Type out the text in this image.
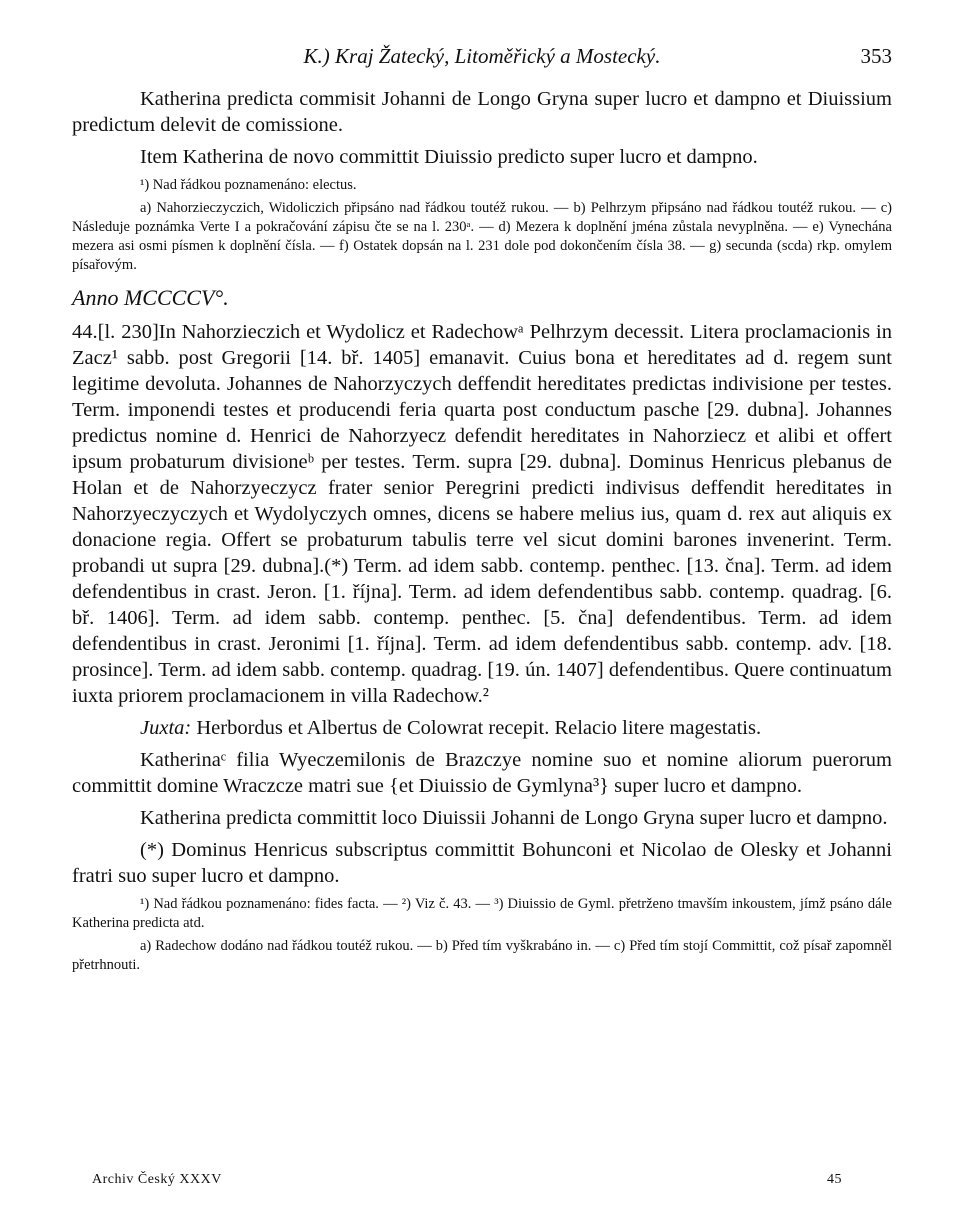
K.) Kraj Žatecký, Litoměřický a Mostecký.	353

Katherina predicta commisit Johanni de Longo Gryna super lucro et dampno et Diuissium predictum delevit de comissione.

Item Katherina de novo committit Diuissio predicto super lucro et dampno.

¹) Nad řádkou poznamenáno: electus.

a) Nahorzieczyczich, Widoliczich připsáno nad řádkou toutéž rukou. — b) Pelhrzym připsáno nad řádkou toutéž rukou. — c) Následuje poznámka Verte I a pokračování zápisu čte se na l. 230ᵃ. — d) Mezera k doplnění jména zůstala nevyplněna. — e) Vynechána mezera asi osmi písmen k doplnění čísla. — f) Ostatek dopsán na l. 231 dole pod dokončením čísla 38. — g) secunda (scda) rkp. omylem písařovým.

Anno MCCCCV°.

44.[l. 230]In Nahorzieczich et Wydolicz et Radechowᵃ Pelhrzym decessit. Litera proclamacionis in Zacz¹ sabb. post Gregorii [14. bř. 1405] emanavit. Cuius bona et hereditates ad d. regem sunt legitime devoluta. Johannes de Nahorzyczych deffendit hereditates predictas indivisione per testes. Term. imponendi testes et producendi feria quarta post conductum pasche [29. dubna]. Johannes predictus nomine d. Henrici de Nahorzyecz defendit hereditates in Nahorziecz et alibi et offert ipsum probaturum divisioneᵇ per testes. Term. supra [29. dubna]. Dominus Henricus plebanus de Holan et de Nahorzyeczycz frater senior Peregrini predicti indivisus deffendit hereditates in Nahorzyeczyczych et Wydolyczych omnes, dicens se habere melius ius, quam d. rex aut aliquis ex donacione regia. Offert se probaturum tabulis terre vel sicut domini barones invenerint. Term. probandi ut supra [29. dubna].(*) Term. ad idem sabb. contemp. penthec. [13. čna]. Term. ad idem defendentibus in crast. Jeron. [1. října]. Term. ad idem defendentibus sabb. contemp. quadrag. [6. bř. 1406]. Term. ad idem sabb. contemp. penthec. [5. čna] defendentibus. Term. ad idem defendentibus in crast. Jeronimi [1. října]. Term. ad idem defendentibus sabb. contemp. adv. [18. prosince]. Term. ad idem sabb. contemp. quadrag. [19. ún. 1407] defendentibus. Quere continuatum iuxta priorem proclamacionem in villa Radechow.²

Juxta: Herbordus et Albertus de Colowrat recepit. Relacio litere magestatis.

Katherinaᶜ filia Wyeczemilonis de Brazczye nomine suo et nomine aliorum puerorum committit domine Wraczcze matri sue {et Diuissio de Gymlyna³} super lucro et dampno.

Katherina predicta committit loco Diuissii Johanni de Longo Gryna super lucro et dampno.

(*) Dominus Henricus subscriptus committit Bohunconi et Nicolao de Olesky et Johanni fratri suo super lucro et dampno.

¹) Nad řádkou poznamenáno: fides facta. — ²) Viz č. 43. — ³) Diuissio de Gyml. přetrženo tmavším inkoustem, jímž psáno dále Katherina predicta atd.

a) Radechow dodáno nad řádkou toutéž rukou. — b) Před tím vyškrabáno in. — c) Před tím stojí Committit, což písař zapomněl přetrhnouti.

Archiv Český XXXV	45
